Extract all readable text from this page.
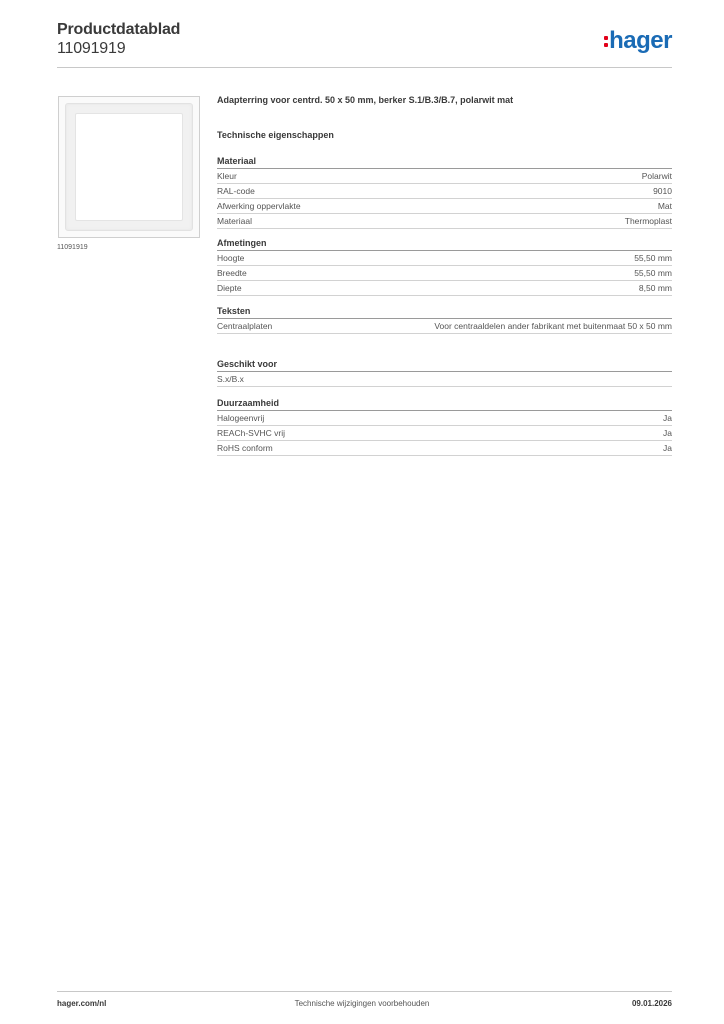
Productdatablad
11091919	hager
11091919
Adapterring voor centrd. 50 x 50 mm, berker S.1/B.3/B.7, polarwit mat
Technische eigenschappen
Materiaal
Kleur	Polarwit
RAL-code	9010
Afwerking oppervlakte	Mat
Materiaal	Thermoplast
Afmetingen
Hoogte	55,50 mm
Breedte	55,50 mm
Diepte	8,50 mm
Teksten
Centraalplaten	Voor centraaldelen ander fabrikant met buitenmaat 50 x 50 mm
Geschikt voor
S.x/B.x
Duurzaamheid
Halogeenvrij	Ja
REACh-SVHC vrij	Ja
RoHS conform	Ja
hager.com/nl	Technische wijzigingen voorbehouden	09.01.2026
